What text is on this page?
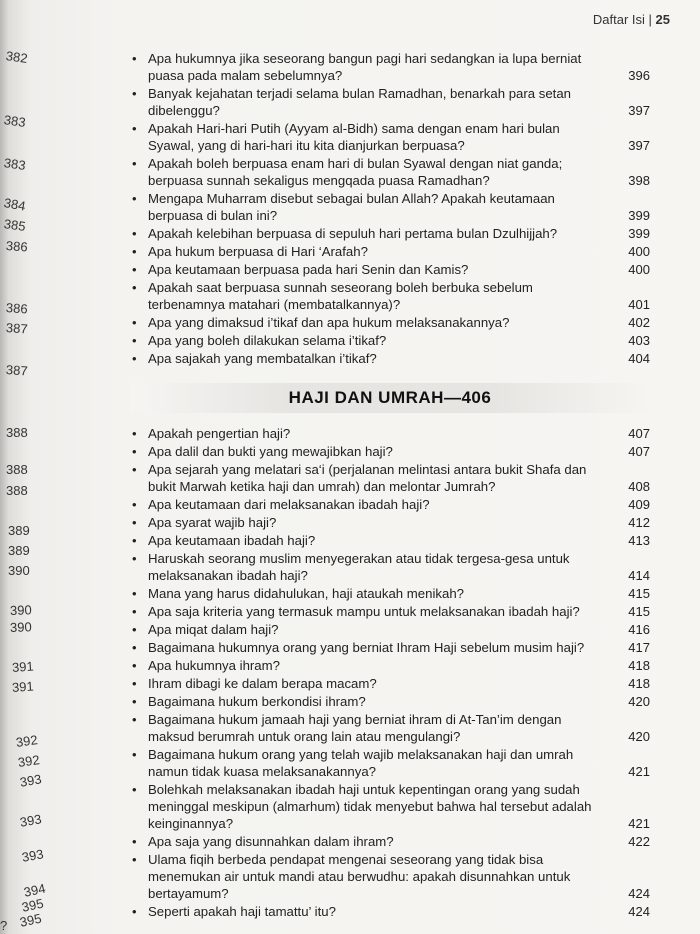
Daftar Isi | 25
382
383
383
384
385
386
386
387
387
388
388
388
389
389
390
390
390
391
391
392
392
393
393
393
394
395
395
?
• Apa hukumnya jika seseorang bangun pagi hari sedangkan ia lupa berniat puasa pada malam sebelumnya?	396
• Banyak kejahatan terjadi selama bulan Ramadhan, benarkah para setan dibelenggu?	397
• Apakah Hari-hari Putih (Ayyam al-Bidh) sama dengan enam hari bulan Syawal, yang di hari-hari itu kita dianjurkan berpuasa?	397
• Apakah boleh berpuasa enam hari di bulan Syawal dengan niat ganda; berpuasa sunnah sekaligus mengqada puasa Ramadhan?	398
• Mengapa Muharram disebut sebagai bulan Allah? Apakah keutamaan berpuasa di bulan ini?	399
• Apakah kelebihan berpuasa di sepuluh hari pertama bulan Dzulhijjah?	399
• Apa hukum berpuasa di Hari ‘Arafah?	400
• Apa keutamaan berpuasa pada hari Senin dan Kamis?	400
• Apakah saat berpuasa sunnah seseorang boleh berbuka sebelum terbenamnya matahari (membatalkannya)?	401
• Apa yang dimaksud i’tikaf dan apa hukum melaksanakannya?	402
• Apa yang boleh dilakukan selama i’tikaf?	403
• Apa sajakah yang membatalkan i’tikaf?	404
HAJI DAN UMRAH—406
• Apakah pengertian haji?	407
• Apa dalil dan bukti yang mewajibkan haji?	407
• Apa sejarah yang melatari sa‘i (perjalanan melintasi antara bukit Shafa dan bukit Marwah ketika haji dan umrah) dan melontar Jumrah?	408
• Apa keutamaan dari melaksanakan ibadah haji?	409
• Apa syarat wajib haji?	412
• Apa keutamaan ibadah haji?	413
• Haruskah seorang muslim menyegerakan atau tidak tergesa-gesa untuk melaksanakan ibadah haji?	414
• Mana yang harus didahulukan, haji ataukah menikah?	415
• Apa saja kriteria yang termasuk mampu untuk melaksanakan ibadah haji?	415
• Apa miqat dalam haji?	416
• Bagaimana hukumnya orang yang berniat Ihram Haji sebelum musim haji?	417
• Apa hukumnya ihram?	418
• Ihram dibagi ke dalam berapa macam?	418
• Bagaimana hukum berkondisi ihram?	420
• Bagaimana hukum jamaah haji yang berniat ihram di At-Tan’im dengan maksud berumrah untuk orang lain atau mengulangi?	420
• Bagaimana hukum orang yang telah wajib melaksanakan haji dan umrah namun tidak kuasa melaksanakannya?	421
• Bolehkah melaksanakan ibadah haji untuk kepentingan orang yang sudah meninggal meskipun (almarhum) tidak menyebut bahwa hal tersebut adalah keinginannya?	421
• Apa saja yang disunnahkan dalam ihram?	422
• Ulama fiqih berbeda pendapat mengenai seseorang yang tidak bisa menemukan air untuk mandi atau berwudhu: apakah disunnahkan untuk bertayamum?	424
• Seperti apakah haji tamattu’ itu?	424
